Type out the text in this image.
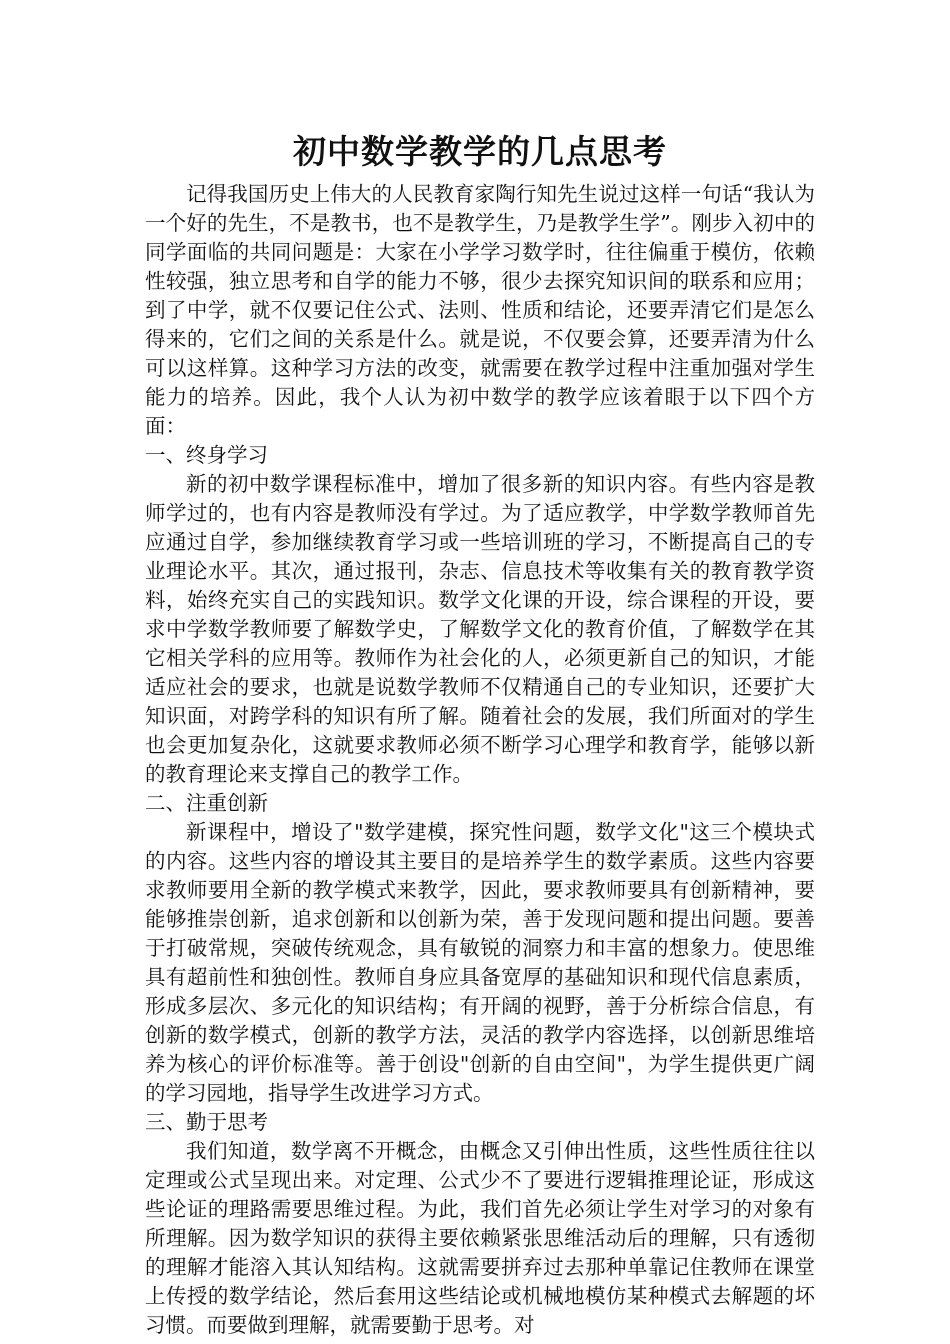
初中数学教学的几点思考

记得我国历史上伟大的人民教育家陶行知先生说过这样一句话“我认为一个好的先生，不是教书，也不是教学生，乃是教学生学”。刚步入初中的同学面临的共同问题是：大家在小学学习数学时，往往偏重于模仿，依赖性较强，独立思考和自学的能力不够，很少去探究知识间的联系和应用；到了中学，就不仅要记住公式、法则、性质和结论，还要弄清它们是怎么得来的，它们之间的关系是什么。就是说，不仅要会算，还要弄清为什么可以这样算。这种学习方法的改变，就需要在教学过程中注重加强对学生能力的培养。因此，我个人认为初中数学的教学应该着眼于以下四个方面：

一、终身学习

新的初中数学课程标准中，增加了很多新的知识内容。有些内容是教师学过的，也有内容是教师没有学过。为了适应教学，中学数学教师首先应通过自学，参加继续教育学习或一些培训班的学习，不断提高自己的专业理论水平。其次，通过报刊，杂志、信息技术等收集有关的教育教学资料，始终充实自己的实践知识。数学文化课的开设，综合课程的开设，要求中学数学教师要了解数学史，了解数学文化的教育价值，了解数学在其它相关学科的应用等。教师作为社会化的人，必须更新自己的知识，才能适应社会的要求，也就是说数学教师不仅精通自己的专业知识，还要扩大知识面，对跨学科的知识有所了解。随着社会的发展，我们所面对的学生也会更加复杂化，这就要求教师必须不断学习心理学和教育学，能够以新的教育理论来支撑自己的教学工作。

二、注重创新

新课程中，增设了"数学建模，探究性问题，数学文化"这三个模块式的内容。这些内容的增设其主要目的是培养学生的数学素质。这些内容要求教师要用全新的教学模式来教学，因此，要求教师要具有创新精神，要能够推崇创新，追求创新和以创新为荣，善于发现问题和提出问题。要善于打破常规，突破传统观念，具有敏锐的洞察力和丰富的想象力。使思维具有超前性和独创性。教师自身应具备宽厚的基础知识和现代信息素质，形成多层次、多元化的知识结构；有开阔的视野，善于分析综合信息，有创新的数学模式，创新的教学方法，灵活的教学内容选择，以创新思维培养为核心的评价标准等。善于创设"创新的自由空间"，为学生提供更广阔的学习园地，指导学生改进学习方式。

三、勤于思考

我们知道，数学离不开概念，由概念又引伸出性质，这些性质往往以定理或公式呈现出来。对定理、公式少不了要进行逻辑推理论证，形成这些论证的理路需要思维过程。为此，我们首先必须让学生对学习的对象有所理解。因为数学知识的获得主要依赖紧张思维活动后的理解，只有透彻的理解才能溶入其认知结构。这就需要拼弃过去那种单靠记住教师在课堂上传授的数学结论，然后套用这些结论或机械地模仿某种模式去解题的坏习惯。而要做到理解，就需要勤于思考。对
